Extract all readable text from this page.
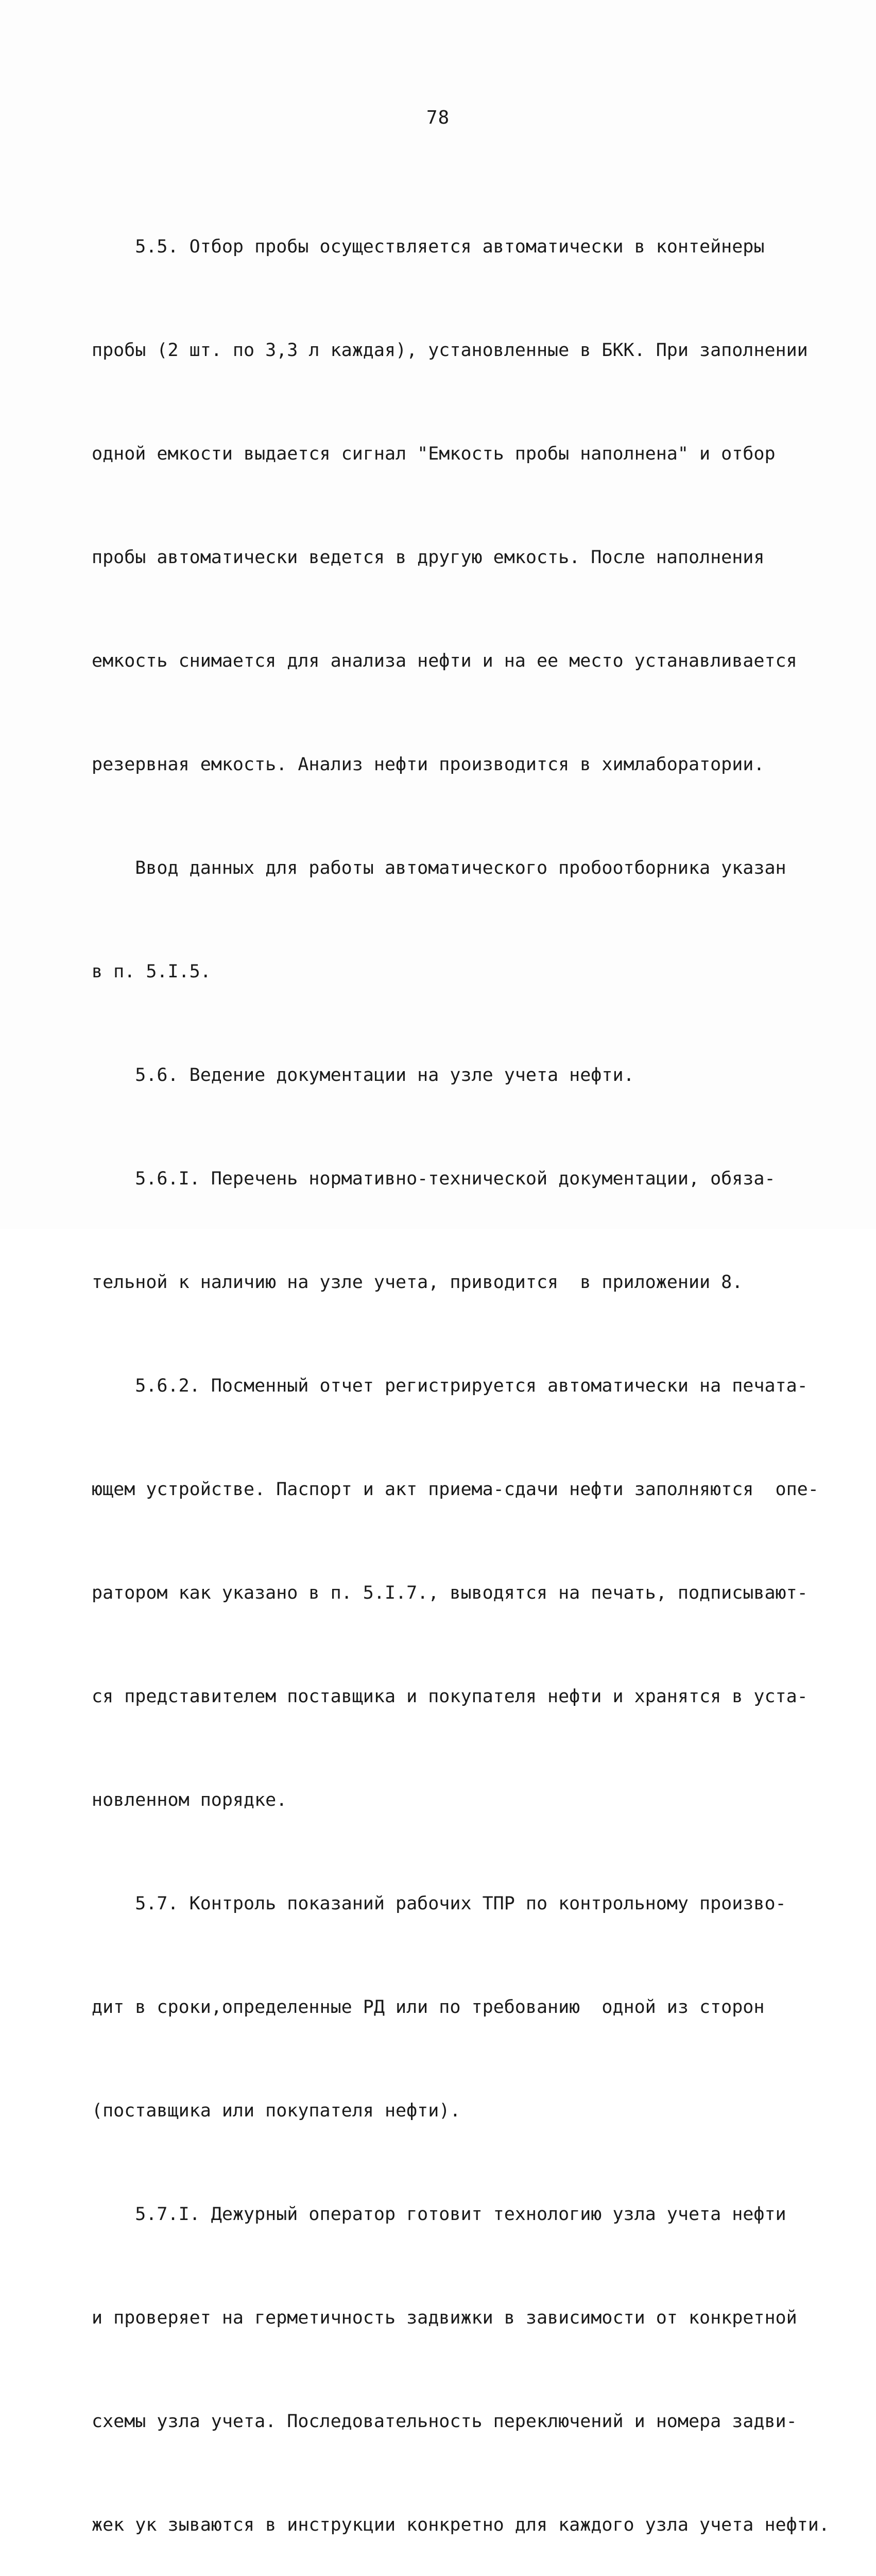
78

5.5. Отбор пробы осуществляется автоматически в контейнеры

пробы (2 шт. по 3,3 л каждая), установленные в БКК. При заполнении

одной емкости выдается сигнал "Емкость пробы наполнена" и отбор

пробы автоматически ведется в другую емкость. После наполнения

емкость снимается для анализа нефти и на ее место устанавливается

резервная емкость. Анализ нефти производится в химлаборатории.

Ввод данных для работы автоматического пробоотборника указан

в п. 5.I.5.

5.6. Ведение документации на узле учета нефти.

5.6.I. Перечень нормативно-технической документации, обяза-

тельной к наличию на узле учета, приводится  в приложении 8.

5.6.2. Посменный отчет регистрируется автоматически на печата-

ющем устройстве. Паспорт и акт приема-сдачи нефти заполняются  опе-

ратором как указано в п. 5.I.7., выводятся на печать, подписывают-

ся представителем поставщика и покупателя нефти и хранятся в уста-

новленном порядке.

5.7. Контроль показаний рабочих ТПР по контрольному произво-

дит в сроки,определенные РД или по требованию  одной из сторон

(поставщика или покупателя нефти).

5.7.I. Дежурный оператор готовит технологию узла учета нефти

и проверяет на герметичность задвижки в зависимости от конкретной

схемы узла учета. Последовательность переключений и номера задви-

жек ук зываются в инструкции конкретно для каждого узла учета нефти.
